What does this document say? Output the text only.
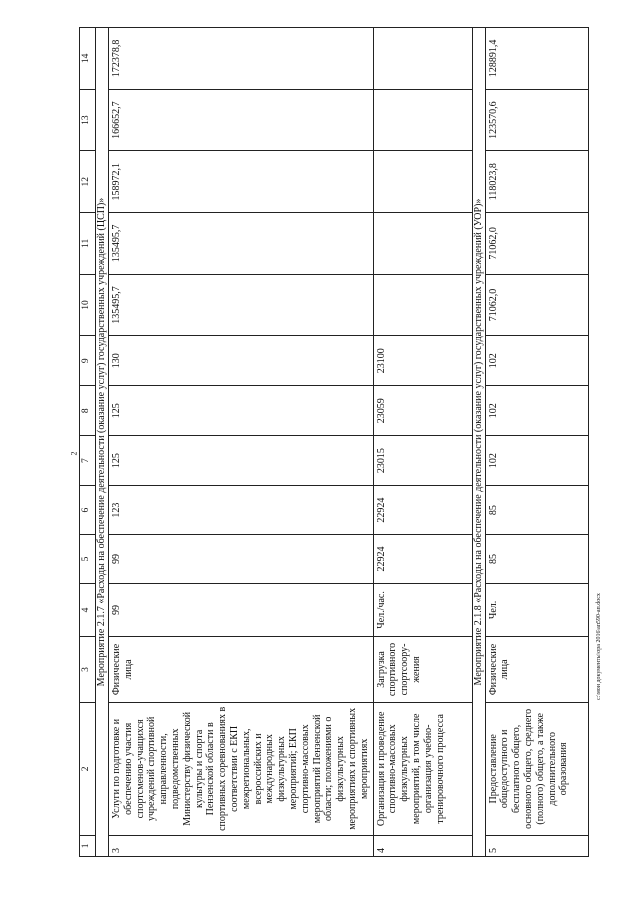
2
c:\мои документы\ора 2016\ап590-ап.docx
1	2	3	4	5	6	7	8	9	10	11	12	13	14
Мероприятие 2.1.7 «Расходы на обеспечение деятельности (оказание услуг) государственных учреждений (ЦСП)»													
3	Услуги по подготовке и обеспечению участия спортсменов-учащихся учреждений спортивной направленности, подведомственных Министерству физической культуры и спорта Пензенской области в спортивных соревнованиях в соответствии с ЕКП межрегиональных, всероссийских и международных физкультурных мероприятий; ЕКП спортивно-массовых мероприятий Пензенской области; положениями о физкультурных мероприятиях и спортивных мероприятиях	Физические лица	99	99	123	125	125	130	135495,7	135495,7	158972,1	166652,7	172378,8
4	Организация и проведение спортивно-массовых физкультурных мероприятий, в том числе организация учебно-тренировочного процесса	Загрузка спортивного спортсоору-жения	Чел./час.	22924	22924	23015	23059	23100					
Мероприятие 2.1.8 «Расходы на обеспечение деятельности (оказание услуг) государственных учреждений (УОР)»													
5	Предоставление общедоступного и бесплатного общего, основного общего, среднего (полного) общего, а также дополнительного образования	Физические лица	Чел.	85	85	102	102	102	71062,0	71062,0	118023,8	123570,6	128891,4
